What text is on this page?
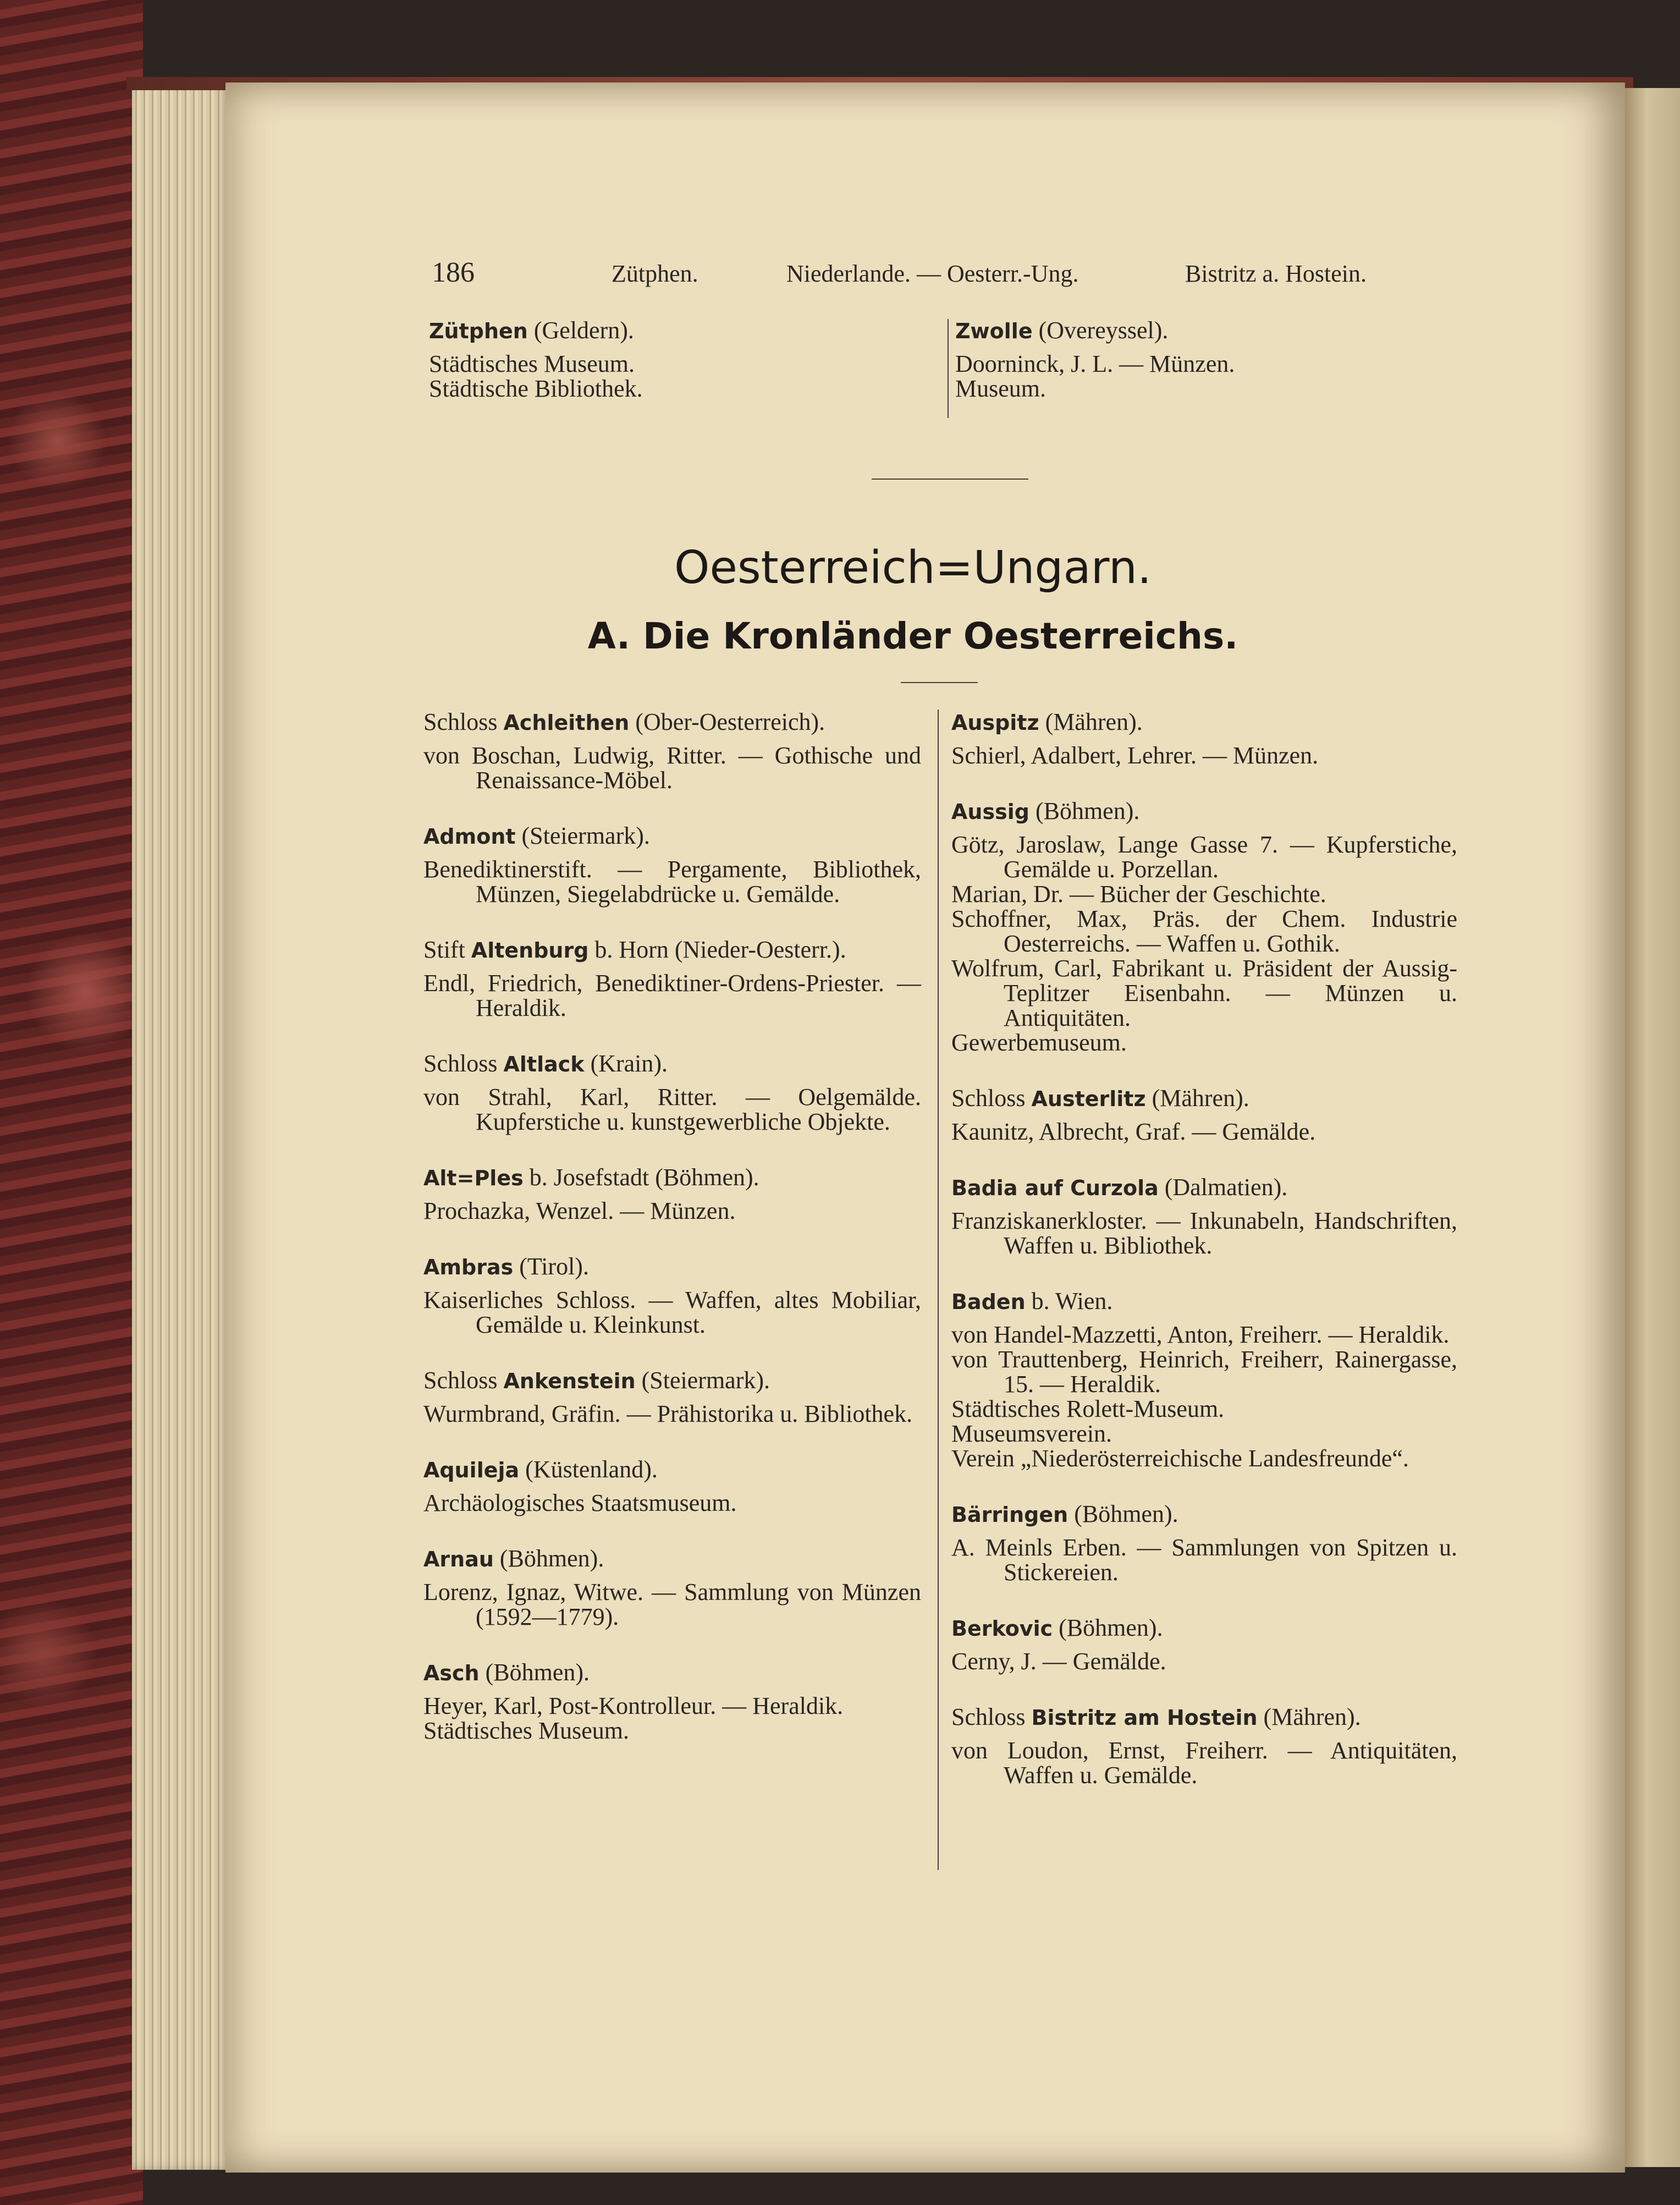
186	Zütphen.	Niederlande. — Oesterr.-Ung.	Bistritz a. Hostein.

Zütphen (Geldern).

Städtisches Museum.

Städtische Bibliothek.

Zwolle (Overeyssel).

Doorninck, J. L. — Münzen.

Museum.

Oesterreich=Ungarn.
A. Die Kronländer Oesterreichs.

Schloss Achleithen (Ober-Oesterreich).

von Boschan, Ludwig, Ritter. — Gothische und Renaissance-Möbel.

Admont (Steiermark).

Benediktinerstift. — Pergamente, Bibliothek, Münzen, Siegelabdrücke u. Gemälde.

Stift Altenburg b. Horn (Nieder-Oesterr.).

Endl, Friedrich, Benediktiner-Ordens-Priester. — Heraldik.

Schloss Altlack (Krain).

von Strahl, Karl, Ritter. — Oelgemälde. Kupferstiche u. kunstgewerbliche Objekte.

Alt=Ples b. Josefstadt (Böhmen).

Prochazka, Wenzel. — Münzen.

Ambras (Tirol).

Kaiserliches Schloss. — Waffen, altes Mobiliar, Gemälde u. Kleinkunst.

Schloss Ankenstein (Steiermark).

Wurmbrand, Gräfin. — Prähistorika u. Bibliothek.

Aquileja (Küstenland).

Archäologisches Staatsmuseum.

Arnau (Böhmen).

Lorenz, Ignaz, Witwe. — Sammlung von Münzen (1592—1779).

Asch (Böhmen).

Heyer, Karl, Post-Kontrolleur. — Heraldik.

Städtisches Museum.

Auspitz (Mähren).

Schierl, Adalbert, Lehrer. — Münzen.

Aussig (Böhmen).

Götz, Jaroslaw, Lange Gasse 7. — Kupferstiche, Gemälde u. Porzellan.

Marian, Dr. — Bücher der Geschichte.

Schoffner, Max, Präs. der Chem. Industrie Oesterreichs. — Waffen u. Gothik.

Wolfrum, Carl, Fabrikant u. Präsident der Aussig-Teplitzer Eisenbahn. — Münzen u. Antiquitäten.

Gewerbemuseum.

Schloss Austerlitz (Mähren).

Kaunitz, Albrecht, Graf. — Gemälde.

Badia auf Curzola (Dalmatien).

Franziskanerkloster. — Inkunabeln, Handschriften, Waffen u. Bibliothek.

Baden b. Wien.

von Handel-Mazzetti, Anton, Freiherr. — Heraldik.

von Trauttenberg, Heinrich, Freiherr, Rainergasse, 15. — Heraldik.

Städtisches Rolett-Museum.

Museumsverein.

Verein „Niederösterreichische Landesfreunde“.

Bärringen (Böhmen).

A. Meinls Erben. — Sammlungen von Spitzen u. Stickereien.

Berkovic (Böhmen).

Cerny, J. — Gemälde.

Schloss Bistritz am Hostein (Mähren).

von Loudon, Ernst, Freiherr. — Antiquitäten, Waffen u. Gemälde.
